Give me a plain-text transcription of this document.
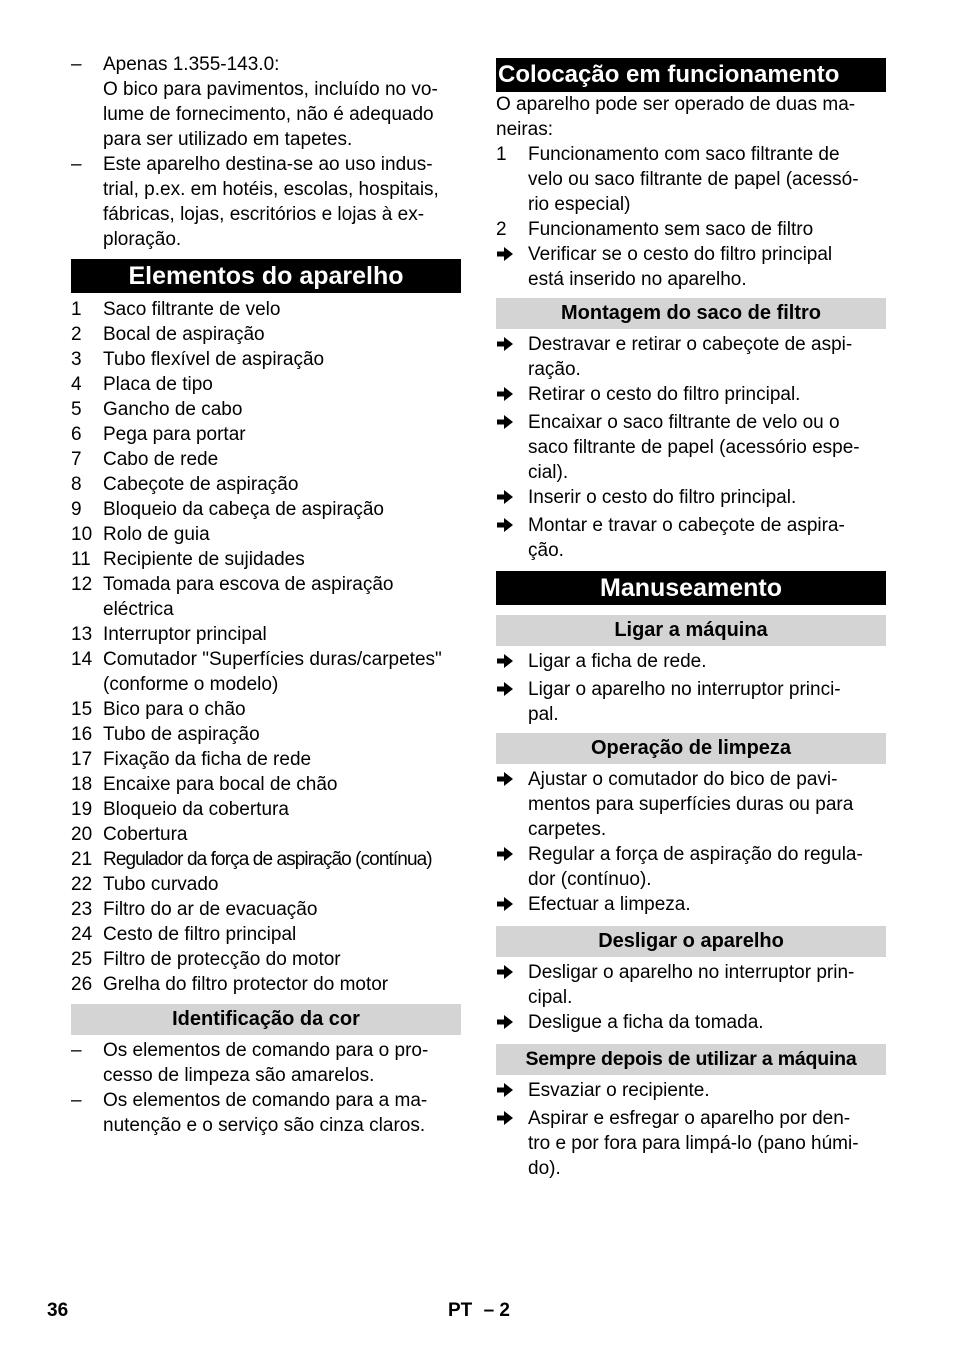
–	Apenas 1.355-143.0:
O bico para pavimentos, incluído no vo-
lume de fornecimento, não é adequado
para ser utilizado em tapetes.
–	Este aparelho destina-se ao uso indus-
trial, p.ex. em hotéis, escolas, hospitais,
fábricas, lojas, escritórios e lojas à ex-
ploração.
Elementos do aparelho
1	Saco filtrante de velo
2	Bocal de aspiração
3	Tubo flexível de aspiração
4	Placa de tipo
5	Gancho de cabo
6	Pega para portar
7	Cabo de rede
8	Cabeçote de aspiração
9	Bloqueio da cabeça de aspiração
10 Rolo de guia
11 Recipiente de sujidades
12 Tomada para escova de aspiração
eléctrica
13 Interruptor principal
14 Comutador "Superfícies duras/carpetes"
(conforme o modelo)
15 Bico para o chão
16 Tubo de aspiração
17 Fixação da ficha de rede
18 Encaixe para bocal de chão
19 Bloqueio da cobertura
20 Cobertura
21 Regulador da força de aspiração (contínua)
22 Tubo curvado
23 Filtro do ar de evacuação
24 Cesto de filtro principal
25 Filtro de protecção do motor
26 Grelha do filtro protector do motor
Identificação da cor
–	Os elementos de comando para o pro-
cesso de limpeza são amarelos.
–	Os elementos de comando para a ma-
nutenção e o serviço são cinza claros.
Colocação em funcionamento
O aparelho pode ser operado de duas ma-
neiras:
1	Funcionamento com saco filtrante de
velo ou saco filtrante de papel (acessó-
rio especial)
2	Funcionamento sem saco de filtro
Verificar se o cesto do filtro principal
está inserido no aparelho.
Montagem do saco de filtro
Destravar e retirar o cabeçote de aspi-
ração.
Retirar o cesto do filtro principal.
Encaixar o saco filtrante de velo ou o
saco filtrante de papel (acessório espe-
cial).
Inserir o cesto do filtro principal.
Montar e travar o cabeçote de aspira-
ção.
Manuseamento
Ligar a máquina
Ligar a ficha de rede.
Ligar o aparelho no interruptor princi-
pal.
Operação de limpeza
Ajustar o comutador do bico de pavi-
mentos para superfícies duras ou para
carpetes.
Regular a força de aspiração do regula-
dor (contínuo).
Efectuar a limpeza.
Desligar o aparelho
Desligar o aparelho no interruptor prin-
cipal.
Desligue a ficha da tomada.
Sempre depois de utilizar a máquina
Esvaziar o recipiente.
Aspirar e esfregar o aparelho por den-
tro e por fora para limpá-lo (pano húmi-
do).
36	PT – 2
